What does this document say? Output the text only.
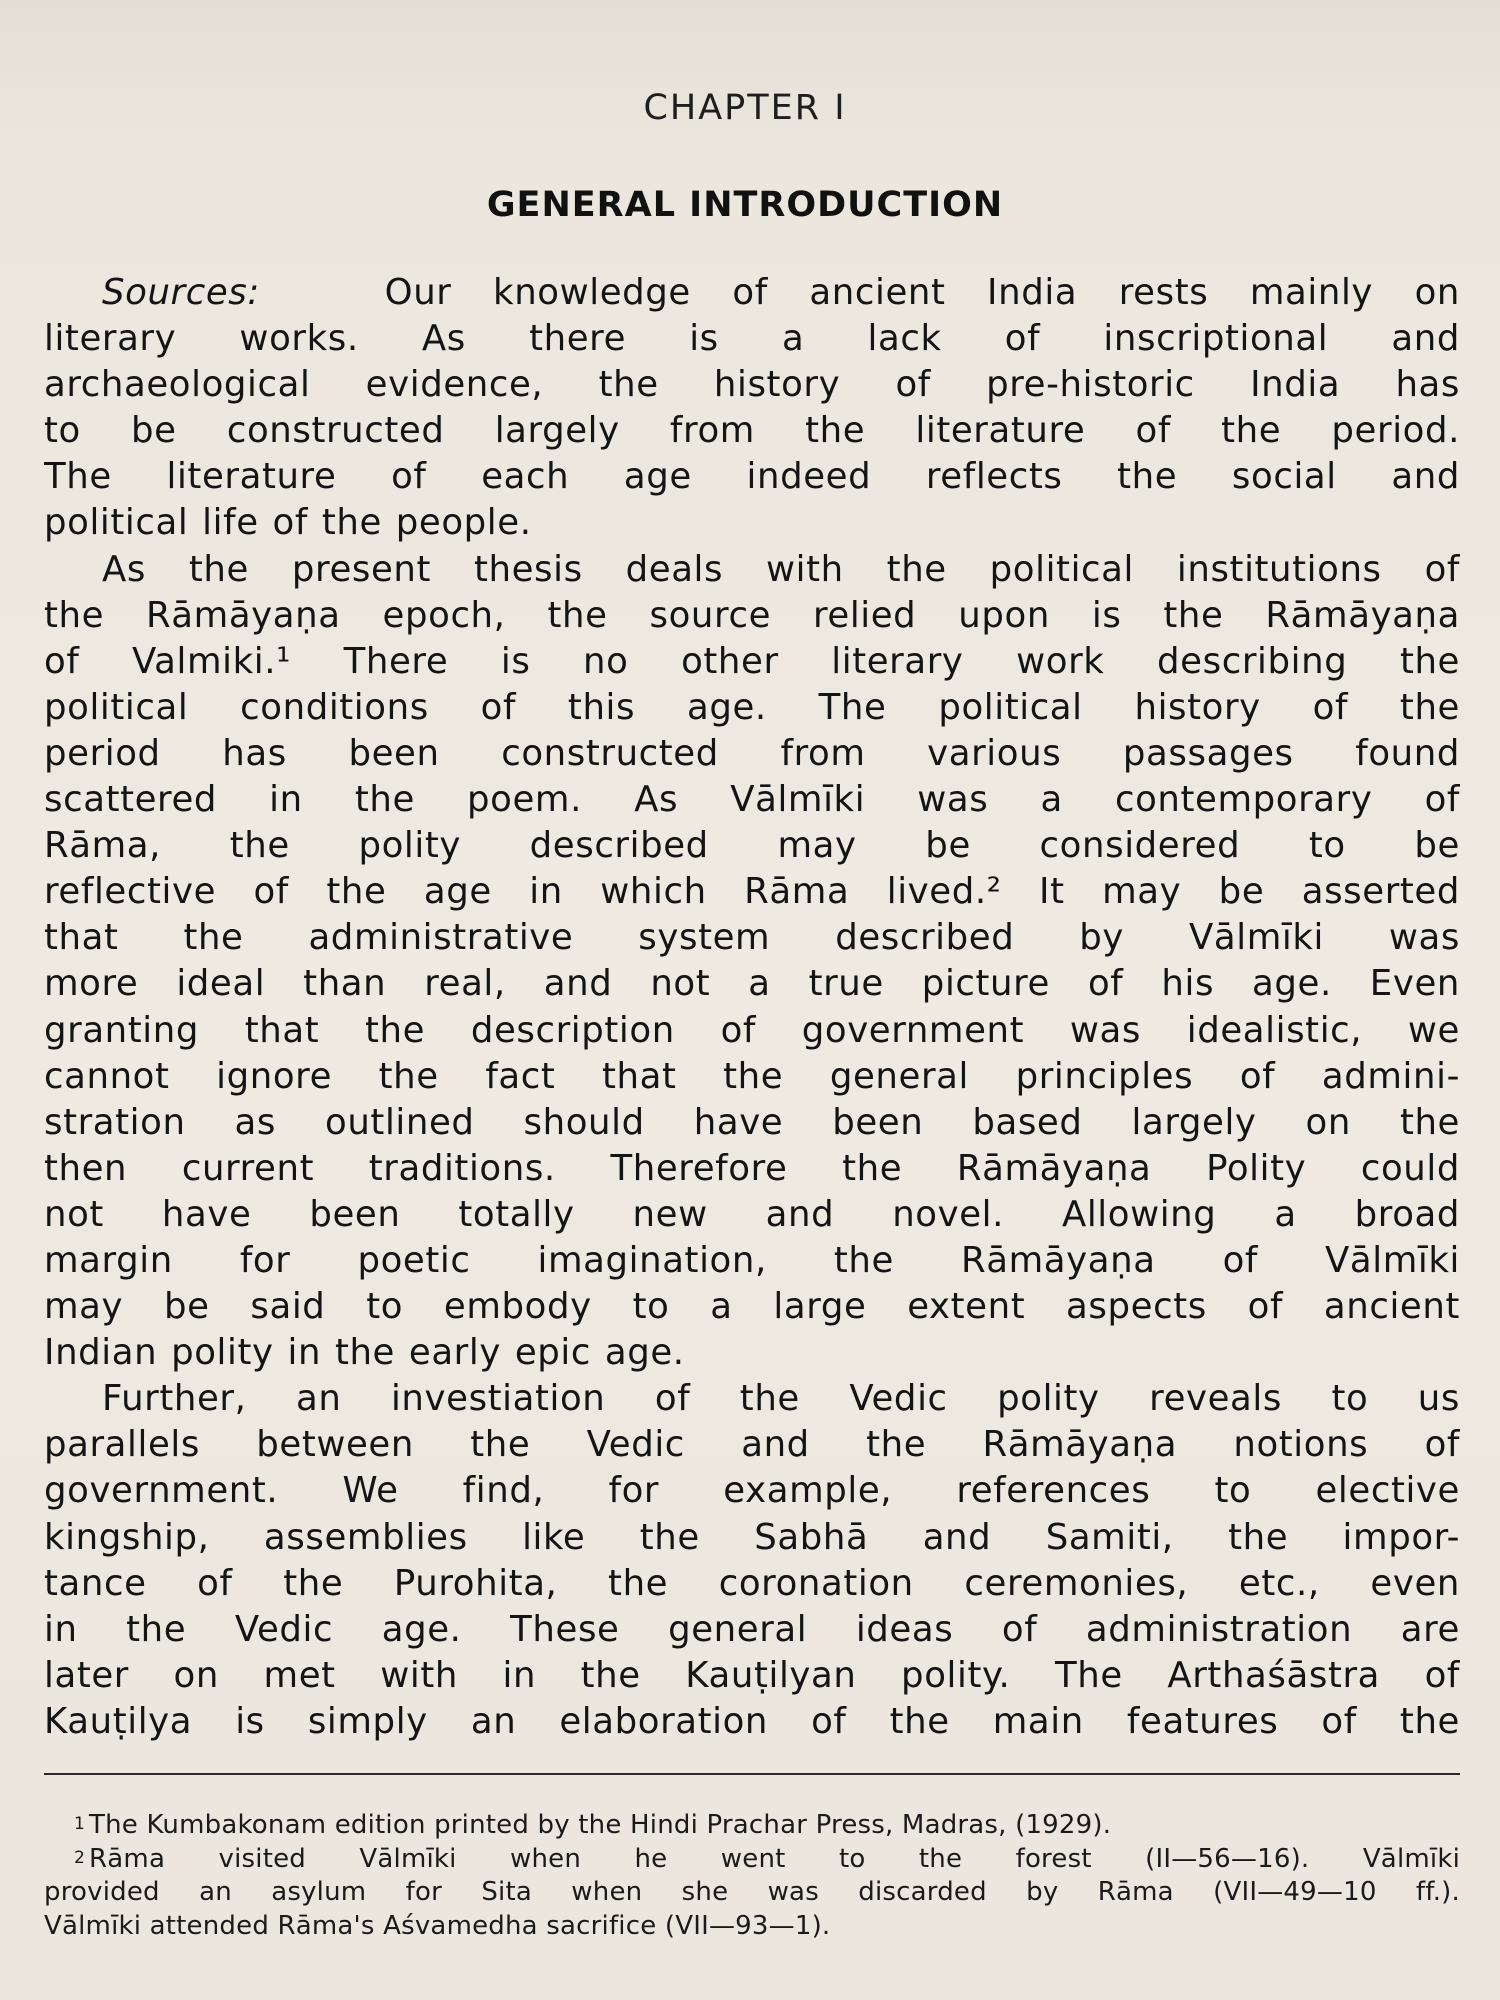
CHAPTER I
GENERAL INTRODUCTION
Sources:	Our knowledge of ancient India rests mainly on
literary works. As there is a lack of inscriptional and
archaeological evidence, the history of pre-historic India has
to be constructed largely from the literature of the period.
The literature of each age indeed reflects the social and
political life of the people.
As the present thesis deals with the political institutions of
the Rāmāyaṇa epoch, the source relied upon is the Rāmāyaṇa
of Valmiki.¹ There is no other literary work describing the
political conditions of this age. The political history of the
period has been constructed from various passages found
scattered in the poem. As Vālmīki was a contemporary of
Rāma, the polity described may be considered to be
reflective of the age in which Rāma lived.² It may be asserted
that the administrative system described by Vālmīki was
more ideal than real, and not a true picture of his age. Even
granting that the description of government was idealistic, we
cannot ignore the fact that the general principles of admini-
stration as outlined should have been based largely on the
then current traditions. Therefore the Rāmāyaṇa Polity could
not have been totally new and novel. Allowing a broad
margin for poetic imagination, the Rāmāyaṇa of Vālmīki
may be said to embody to a large extent aspects of ancient
Indian polity in the early epic age.
Further, an investiation of the Vedic polity reveals to us
parallels between the Vedic and the Rāmāyaṇa notions of
government. We find, for example, references to elective
kingship, assemblies like the Sabhā and Samiti, the impor-
tance of the Purohita, the coronation ceremonies, etc., even
in the Vedic age. These general ideas of administration are
later on met with in the Kauṭilyan polity. The Arthaśāstra of
Kauṭilya is simply an elaboration of the main features of the
1 The Kumbakonam edition printed by the Hindi Prachar Press, Madras, (1929).
2 Rāma visited Vālmīki when he went to the forest (II—56—16). Vālmīki
provided an asylum for Sita when she was discarded by Rāma (VII—49—10 ff.).
Vālmīki attended Rāma's Aśvamedha sacrifice (VII—93—1).
